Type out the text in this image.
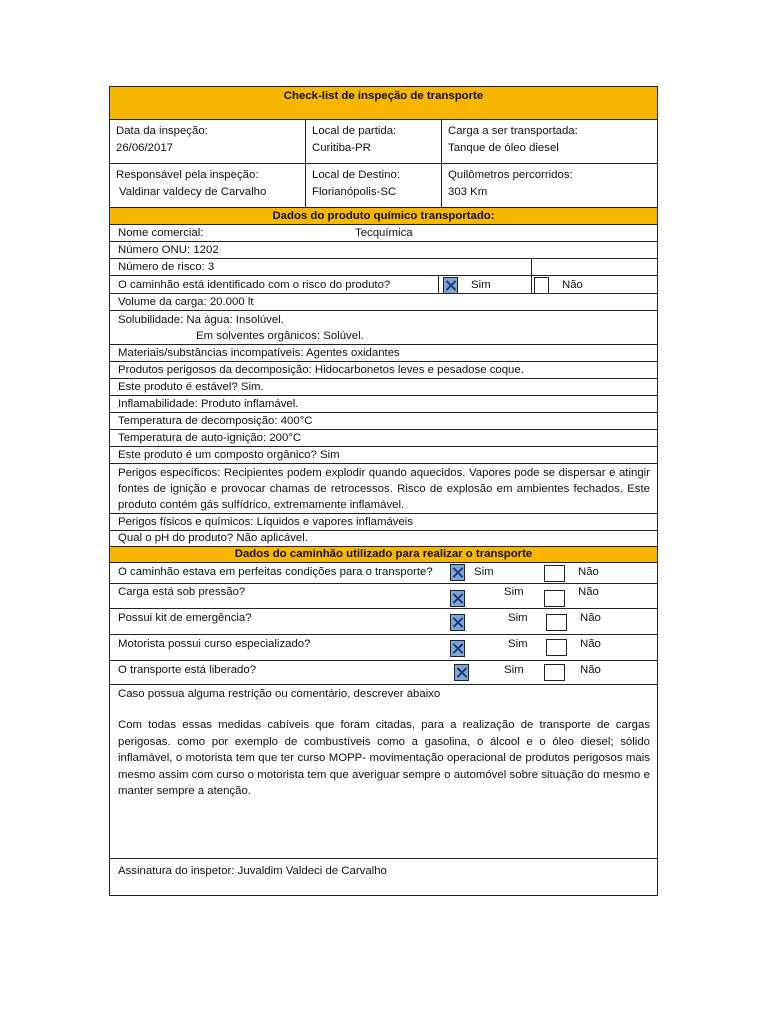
Check-list de inspeção de transporte
Data da inspeção:
26/06/2017
Local de partida:
Curitiba-PR
Carga a ser transportada:
Tanque de óleo diesel
Responsável pela inspeção:
Valdinar valdecy de Carvalho
Local de Destino:
Florianópolis-SC
Quilômetros percorridos:
303 Km
Dados do produto químico transportado:
Nome comercial:	Tecquímica
Número ONU: 1202
Número de risco: 3
O caminhão está identificado com o risco do produto?	Sim	Não
Volume da carga: 20.000 lt
Solubilidade: Na água: Insolúvel.
Em solventes orgânicos: Solúvel.
Materiais/substâncias incompatíveis: Agentes oxidantes
Produtos perigosos da decomposição: Hidocarbonetos leves e pesadose coque.
Este produto é estável? Sim.
Inflamabilidade: Produto inflamável.
Temperatura de decomposição: 400°C
Temperatura de auto-ignição: 200°C
Este produto é um composto orgânico? Sim
Perigos específicos: Recipientes podem explodir quando aquecidos. Vapores pode se dispersar e atingir fontes de ignição e provocar chamas de retrocessos. Risco de explosão em ambientes fechados. Este produto contém gás sulfídrico, extremamente inflamável.
Perigos físicos e químicos: Líquidos e vapores inflamáveis
Qual o pH do produto? Não aplicável.
Dados do caminhão utilizado para realizar o transporte
O caminhão estava em perfeitas condições para o transporte?	Sim	Não
Carga está sob pressão?	Sim	Não
Possui kit de emergência?	Sim	Não
Motorista possui curso especializado?	Sim	Não
O transporte está liberado?	Sim	Não
Caso possua alguma restrição ou comentário, descrever abaixo
Com todas essas medidas cabíveis que foram citadas, para a realização de transporte de cargas perigosas. como por exemplo de combustíveis como a gasolina, o álcool e o óleo diesel; sólido inflamável, o motorista tem que ter curso MOPP- movimentação operacional de produtos perigosos mais mesmo assim com curso o motorista tem que averiguar sempre o automóvel sobre situação do mesmo e manter sempre a atenção.
Assinatura do inspetor: Juvaldim Valdeci de Carvalho
